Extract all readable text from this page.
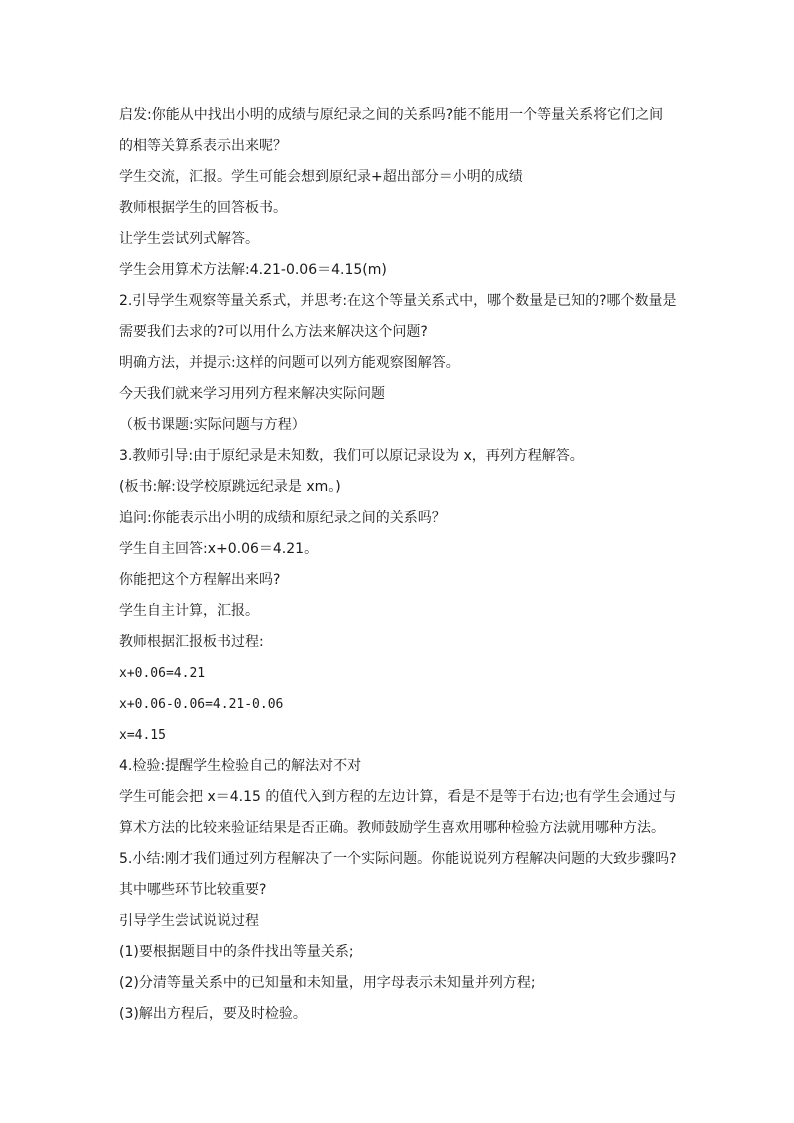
启发:你能从中找出小明的成绩与原纪录之间的关系吗?能不能用一个等量关系将它们之间
的相等关算系表示出来呢？
学生交流，汇报。学生可能会想到原纪录+超出部分＝小明的成绩
教师根据学生的回答板书。
让学生尝试列式解答。
学生会用算术方法解:4.21-0.06＝4.15(m)
2.引导学生观察等量关系式，并思考:在这个等量关系式中，哪个数量是已知的?哪个数量是
需要我们去求的?可以用什么方法来解决这个问题?
明确方法，并提示:这样的问题可以列方能观察图解答。
今天我们就来学习用列方程来解决实际问题
（板书课题:实际问题与方程）
3.教师引导:由于原纪录是未知数，我们可以原记录设为 x，再列方程解答。
(板书:解:设学校原跳远纪录是 xm。)
追问:你能表示出小明的成绩和原纪录之间的关系吗？
学生自主回答:x+0.06＝4.21。
你能把这个方程解出来吗?
学生自主计算，汇报。
教师根据汇报板书过程:
x+0.06=4.21
x+0.06-0.06=4.21-0.06
x=4.15
4.检验:提醒学生检验自己的解法对不对
学生可能会把 x＝4.15 的值代入到方程的左边计算，看是不是等于右边;也有学生会通过与
算术方法的比较来验证结果是否正确。教师鼓励学生喜欢用哪种检验方法就用哪种方法。
5.小结:刚才我们通过列方程解决了一个实际问题。你能说说列方程解决问题的大致步骤吗?
其中哪些环节比较重要?
引导学生尝试说说过程
(1)要根据题目中的条件找出等量关系;
(2)分清等量关系中的已知量和未知量，用字母表示未知量并列方程;
(3)解出方程后，要及时检验。
